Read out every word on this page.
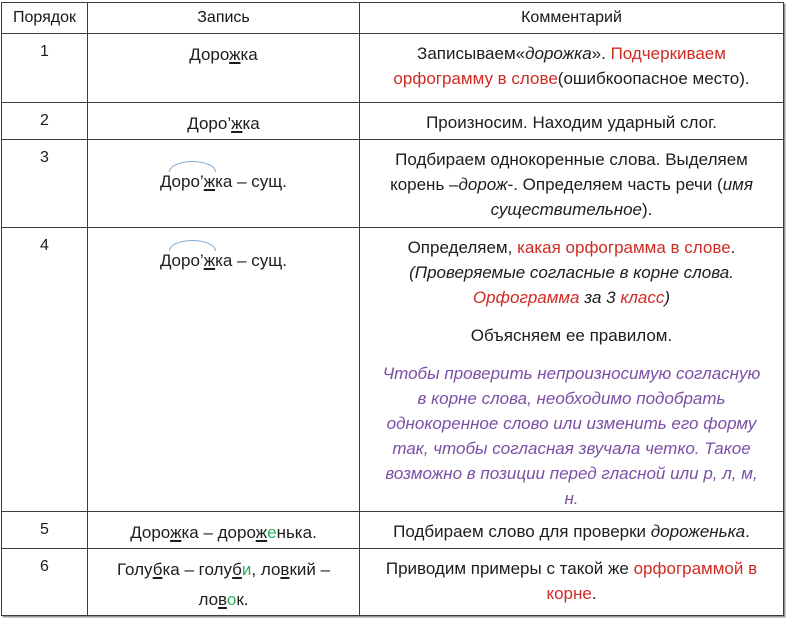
Порядок	Запись	Комментарий
1	Дорожка	Записываем«дорожка». Подчеркиваем орфограмму в слове(ошибкоопасное место).

2	Доро’жка	Произносим. Находим ударный слог.

3	Доро’жка – сущ.	Подбираем однокоренные слова. Выделяем корень –дорож-. Определяем часть речи (имя существительное).

4	Доро’жка – сущ.	Определяем, какая орфограмма в слове.
(Проверяемые согласные в корне слова.
Орфограмма за 3 класс)
Объясняем ее правилом.
Чтобы проверить непроизносимую согласную в корне слова, необходимо подобрать однокоренное слово или изменить его форму так, чтобы согласная звучала четко. Такое возможно в позиции перед гласной или р, л, м, н.

5	Дорожка – дороженька.	Подбираем слово для проверки дороженька.

6	Голубка – голуби, ловкий – ловок.	Приводим примеры с такой же орфограммой в корне.
